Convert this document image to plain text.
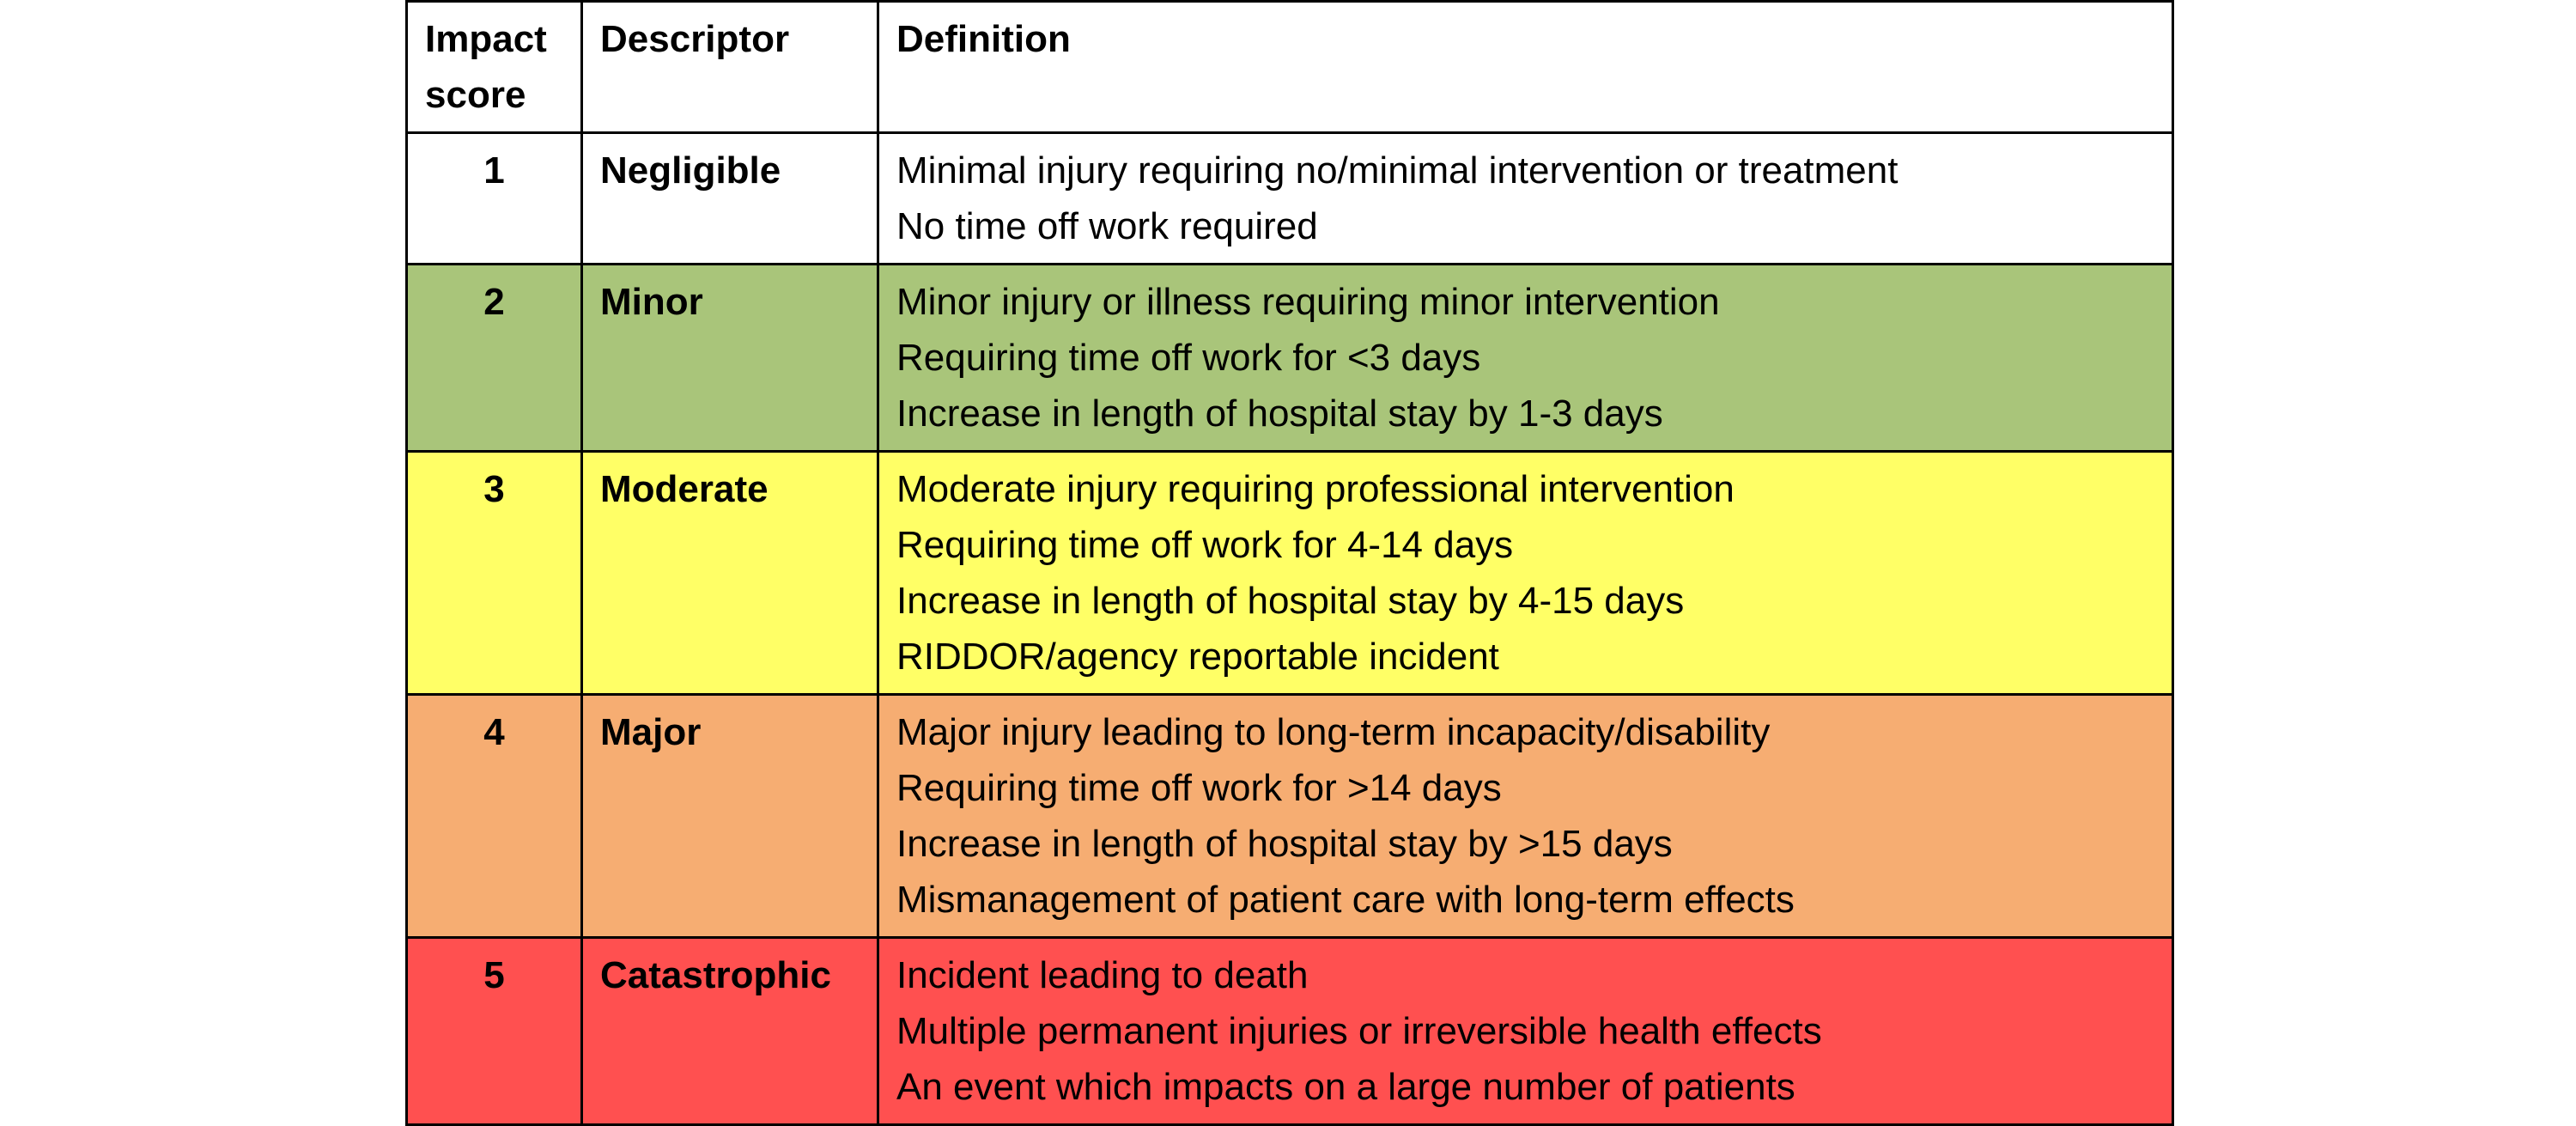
Impact
score	Descriptor	Definition
1	Negligible	Minimal injury requiring no/minimal intervention or treatment
No time off work required

2	Minor	Minor injury or illness requiring minor intervention
Requiring time off work for <3 days
Increase in length of hospital stay by 1-3 days

3	Moderate	Moderate injury requiring professional intervention
Requiring time off work for 4-14 days
Increase in length of hospital stay by 4-15 days
RIDDOR/agency reportable incident

4	Major	Major injury leading to long-term incapacity/disability
Requiring time off work for >14 days
Increase in length of hospital stay by >15 days
Mismanagement of patient care with long-term effects

5	Catastrophic	Incident leading to death
Multiple permanent injuries or irreversible health effects
An event which impacts on a large number of patients
